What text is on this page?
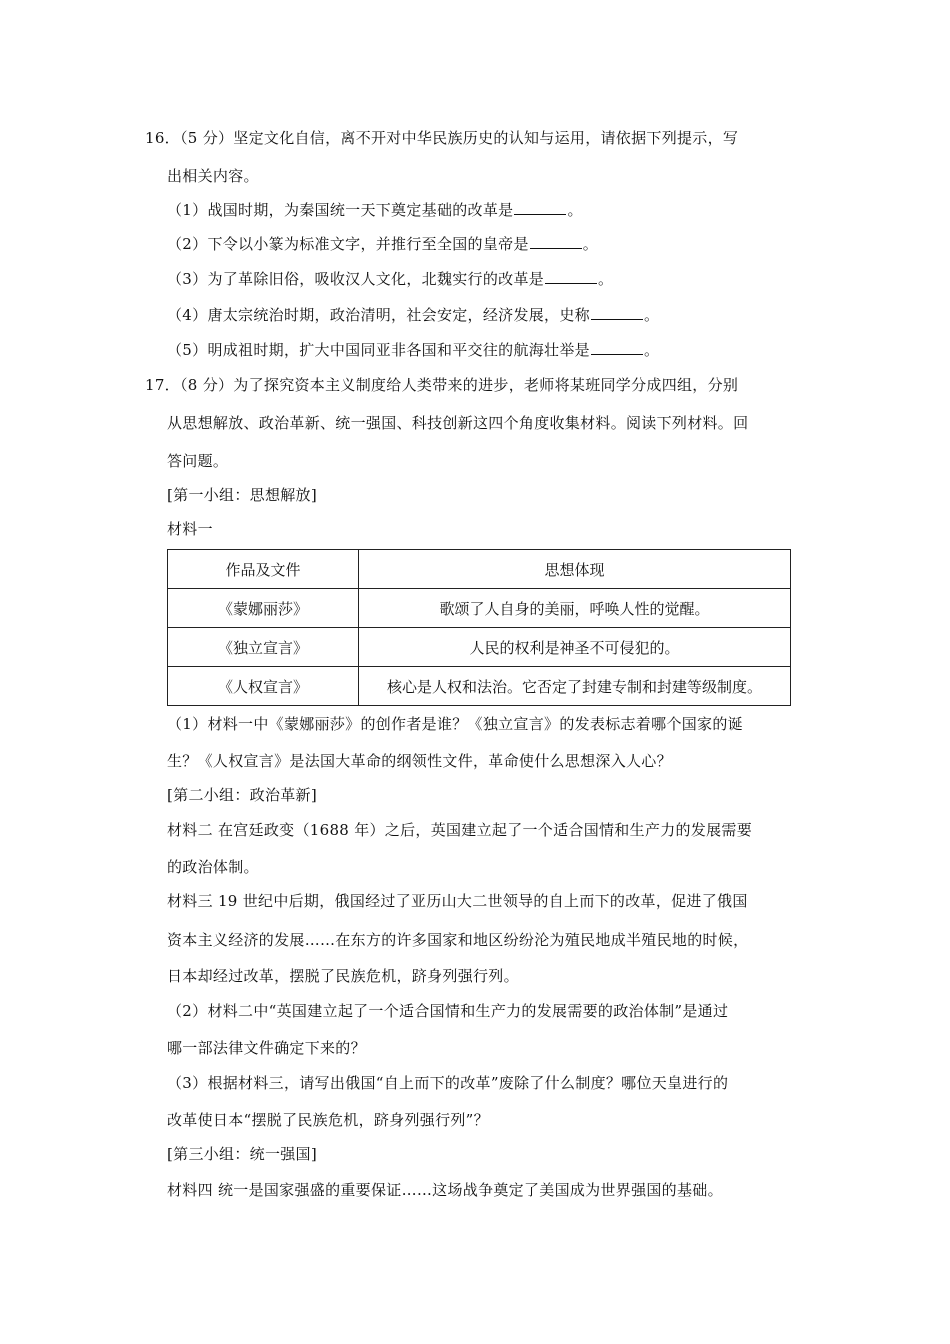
16．（5 分）坚定文化自信，离不开对中华民族历史的认知与运用，请依据下列提示，写
出相关内容。
（1）战国时期，为秦国统一天下奠定基础的改革是	。
（2）下令以小篆为标准文字，并推行至全国的皇帝是	。
（3）为了革除旧俗，吸收汉人文化，北魏实行的改革是	。
（4）唐太宗统治时期，政治清明，社会安定，经济发展，史称	。
（5）明成祖时期，扩大中国同亚非各国和平交往的航海壮举是	。
17．（8 分）为了探究资本主义制度给人类带来的进步，老师将某班同学分成四组，分别
从思想解放、政治革新、统一强国、科技创新这四个角度收集材料。阅读下列材料。回
答问题。
[第一小组：思想解放]
材料一
作品及文件	思想体现
《蒙娜丽莎》	歌颂了人自身的美丽，呼唤人性的觉醒。
《独立宣言》	人民的权利是神圣不可侵犯的。
《人权宣言》	核心是人权和法治。它否定了封建专制和封建等级制度。
（1）材料一中《蒙娜丽莎》的创作者是谁？《独立宣言》的发表标志着哪个国家的诞
生？《人权宣言》是法国大革命的纲领性文件，革命使什么思想深入人心？
[第二小组：政治革新]
材料二 在宫廷政变（1688 年）之后，英国建立起了一个适合国情和生产力的发展需要
的政治体制。
材料三 19 世纪中后期，俄国经过了亚历山大二世领导的自上而下的改革，促进了俄国
资本主义经济的发展……在东方的许多国家和地区纷纷沦为殖民地成半殖民地的时候，
日本却经过改革，摆脱了民族危机，跻身列强行列。
（2）材料二中“英国建立起了一个适合国情和生产力的发展需要的政治体制”是通过
哪一部法律文件确定下来的？
（3）根据材料三，请写出俄国“自上而下的改革”废除了什么制度？哪位天皇进行的
改革使日本“摆脱了民族危机，跻身列强行列”？
[第三小组：统一强国]
材料四 统一是国家强盛的重要保证……这场战争奠定了美国成为世界强国的基础。
